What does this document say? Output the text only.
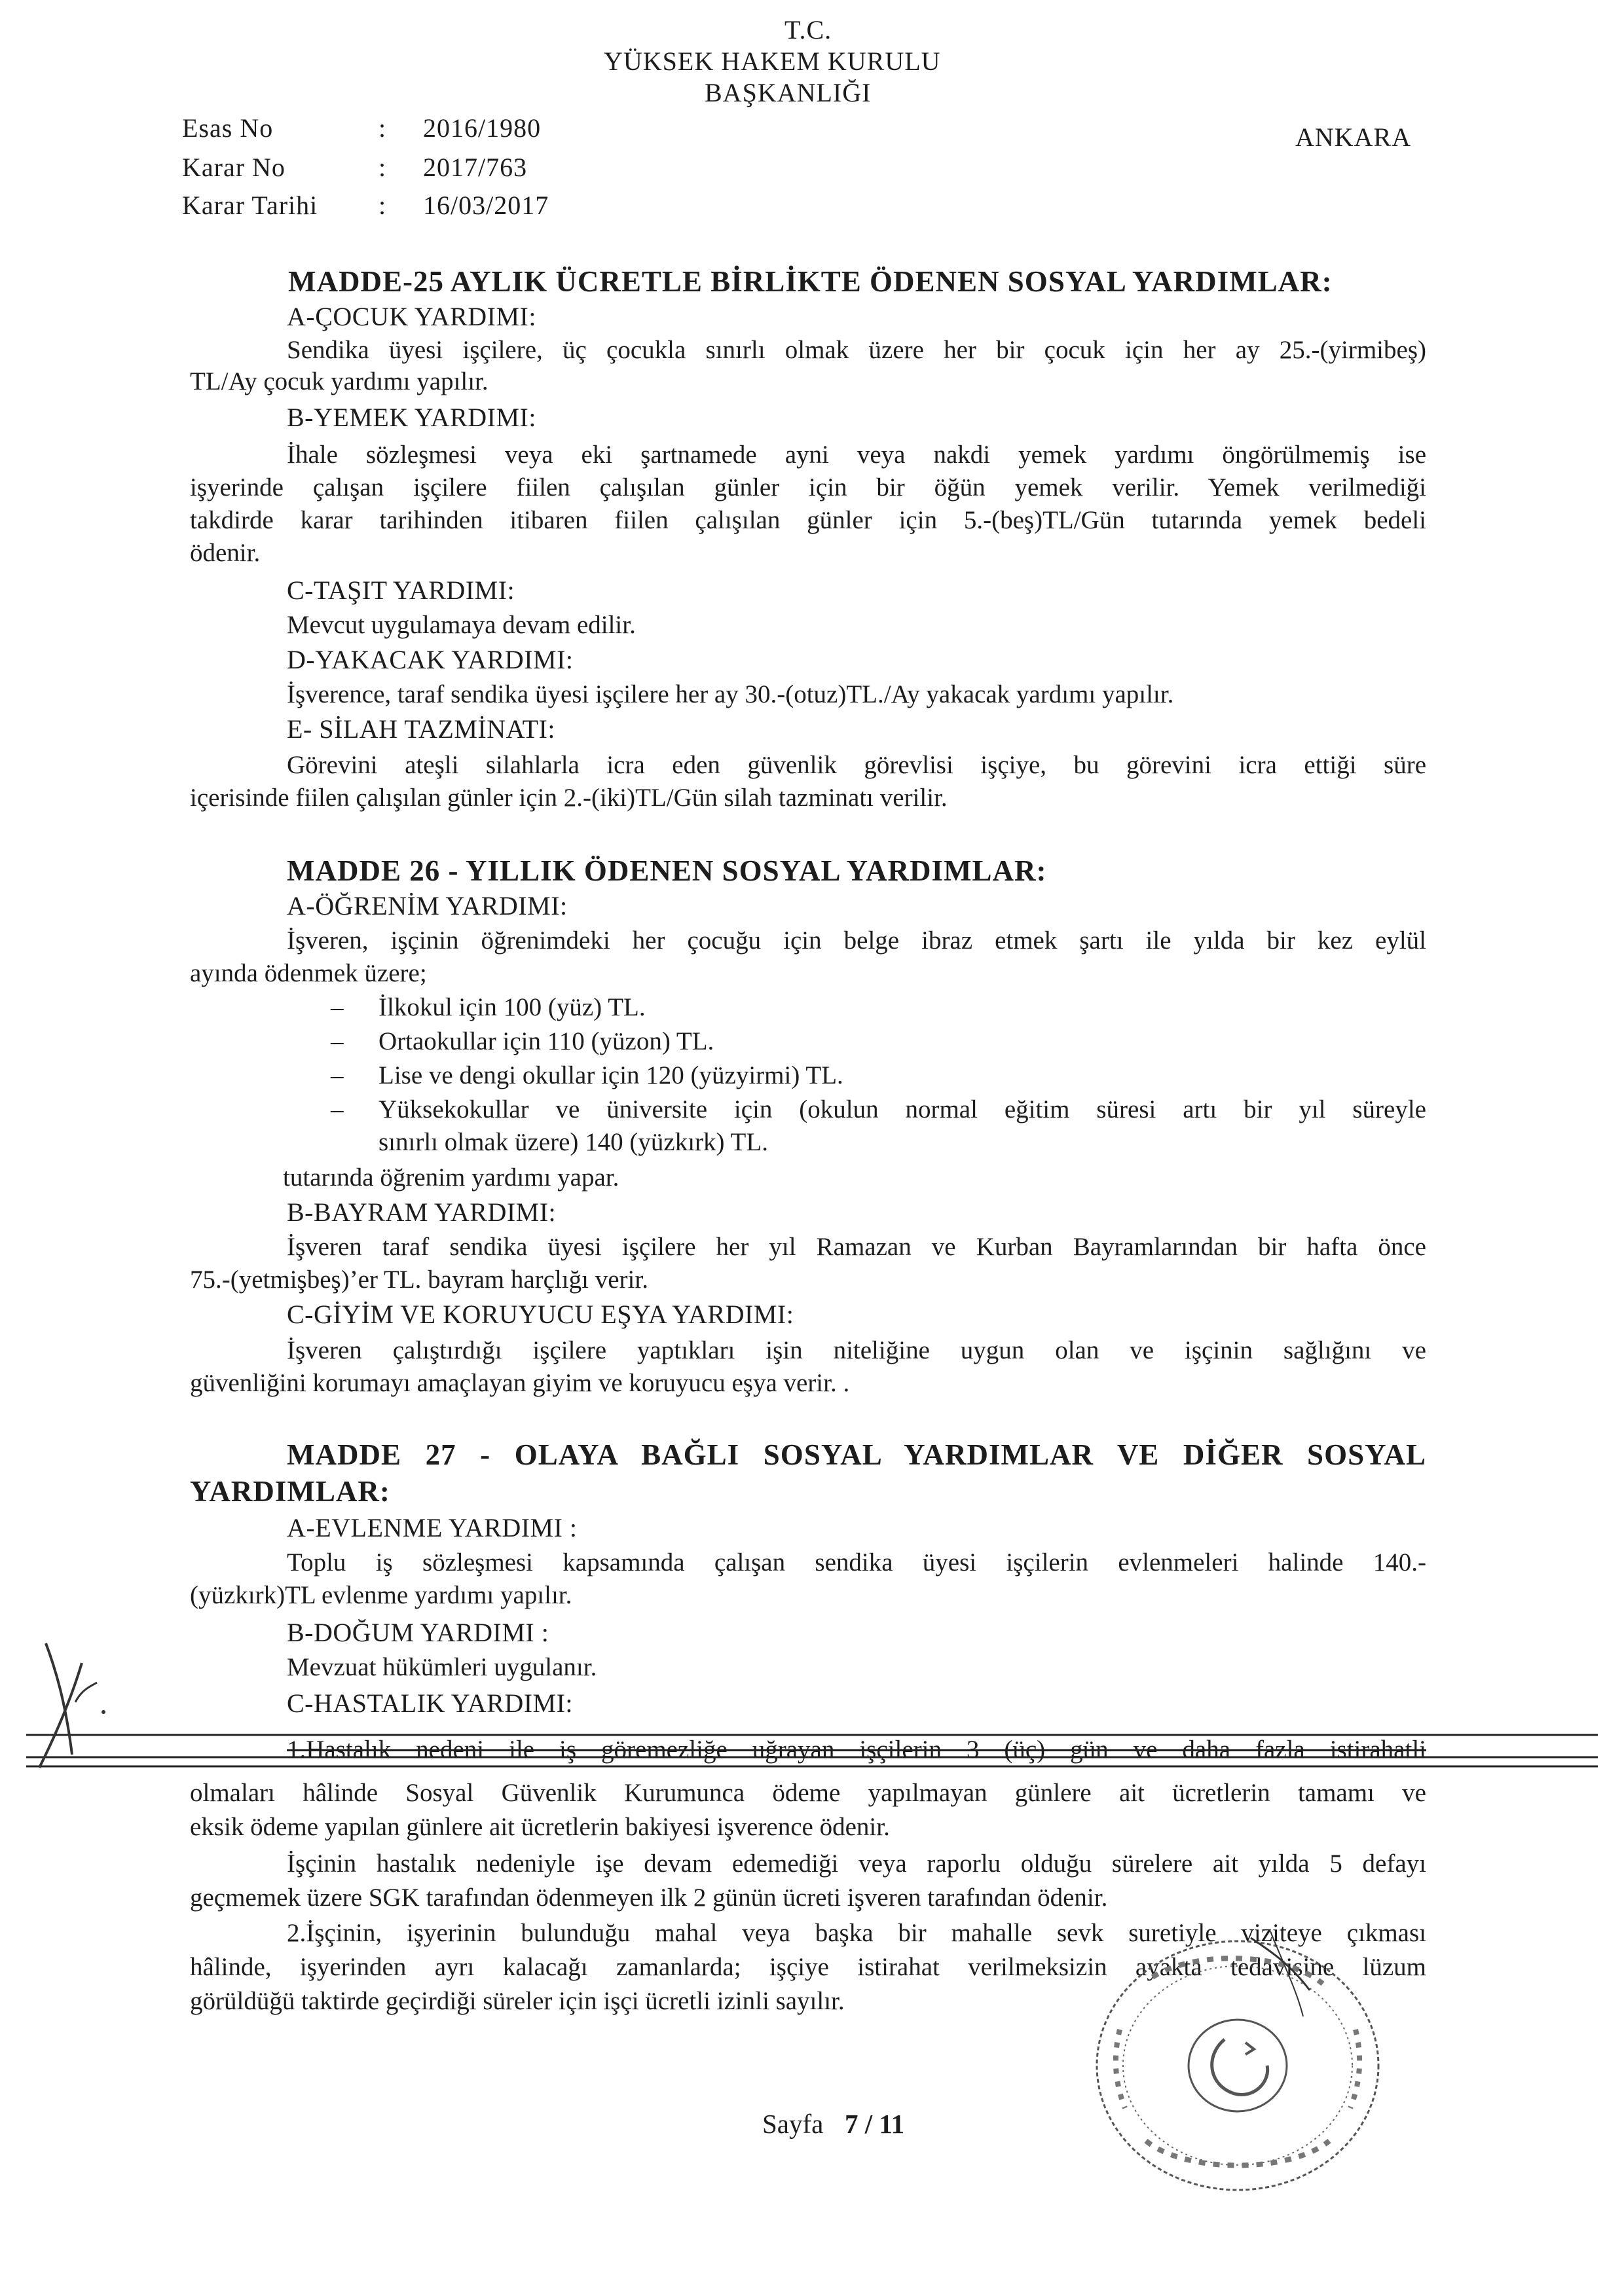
T.C.
YÜKSEK HAKEM KURULU
BAŞKANLIĞI
ANKARA
Esas No	: 2016/1980
Karar No	: 2017/763
Karar Tarihi : 16/03/2017
MADDE-25 AYLIK ÜCRETLE BİRLİKTE ÖDENEN SOSYAL YARDIMLAR:
A-ÇOCUK YARDIMI:
Sendika üyesi işçilere, üç çocukla sınırlı olmak üzere her bir çocuk için her ay 25.-(yirmibeş)
TL/Ay çocuk yardımı yapılır.
B-YEMEK YARDIMI:
İhale sözleşmesi veya eki şartnamede ayni veya nakdi yemek yardımı öngörülmemiş ise
işyerinde çalışan işçilere fiilen çalışılan günler için bir öğün yemek verilir. Yemek verilmediği
takdirde karar tarihinden itibaren fiilen çalışılan günler için 5.-(beş)TL/Gün tutarında yemek bedeli
ödenir.
C-TAŞIT YARDIMI:
Mevcut uygulamaya devam edilir.
D-YAKACAK YARDIMI:
İşverence, taraf sendika üyesi işçilere her ay 30.-(otuz)TL./Ay yakacak yardımı yapılır.
E- SİLAH TAZMİNATI:
Görevini ateşli silahlarla icra eden güvenlik görevlisi işçiye, bu görevini icra ettiği süre
içerisinde fiilen çalışılan günler için 2.-(iki)TL/Gün silah tazminatı verilir.
MADDE 26 - YILLIK ÖDENEN SOSYAL YARDIMLAR:
A-ÖĞRENİM YARDIMI:
İşveren, işçinin öğrenimdeki her çocuğu için belge ibraz etmek şartı ile yılda bir kez eylül
ayında ödenmek üzere;
– İlkokul için 100 (yüz) TL.
– Ortaokullar için 110 (yüzon) TL.
– Lise ve dengi okullar için 120 (yüzyirmi) TL.
– Yüksekokullar ve üniversite için (okulun normal eğitim süresi artı bir yıl süreyle
sınırlı olmak üzere) 140 (yüzkırk) TL.
tutarında öğrenim yardımı yapar.
B-BAYRAM YARDIMI:
İşveren taraf sendika üyesi işçilere her yıl Ramazan ve Kurban Bayramlarından bir hafta önce
75.-(yetmişbeş)’er TL. bayram harçlığı verir.
C-GİYİM VE KORUYUCU EŞYA YARDIMI:
İşveren çalıştırdığı işçilere yaptıkları işin niteliğine uygun olan ve işçinin sağlığını ve
güvenliğini korumayı amaçlayan giyim ve koruyucu eşya verir. .
MADDE 27 - OLAYA BAĞLI SOSYAL YARDIMLAR VE DİĞER SOSYAL
YARDIMLAR:
A-EVLENME YARDIMI :
Toplu iş sözleşmesi kapsamında çalışan sendika üyesi işçilerin evlenmeleri halinde 140.-
(yüzkırk)TL evlenme yardımı yapılır.
B-DOĞUM YARDIMI :
Mevzuat hükümleri uygulanır.
C-HASTALIK YARDIMI:
1.Hastalık nedeni ile iş göremezliğe uğrayan işçilerin 3 (üç) gün ve daha fazla istirahatli
olmaları hâlinde Sosyal Güvenlik Kurumunca ödeme yapılmayan günlere ait ücretlerin tamamı ve
eksik ödeme yapılan günlere ait ücretlerin bakiyesi işverence ödenir.
İşçinin hastalık nedeniyle işe devam edemediği veya raporlu olduğu sürelere ait yılda 5 defayı
geçmemek üzere SGK tarafından ödenmeyen ilk 2 günün ücreti işveren tarafından ödenir.
2.İşçinin, işyerinin bulunduğu mahal veya başka bir mahalle sevk suretiyle viziteye çıkması
hâlinde, işyerinden ayrı kalacağı zamanlarda; işçiye istirahat verilmeksizin ayakta tedavisine lüzum
görüldüğü taktirde geçirdiği süreler için işçi ücretli izinli sayılır.
Sayfa 7 / 11
